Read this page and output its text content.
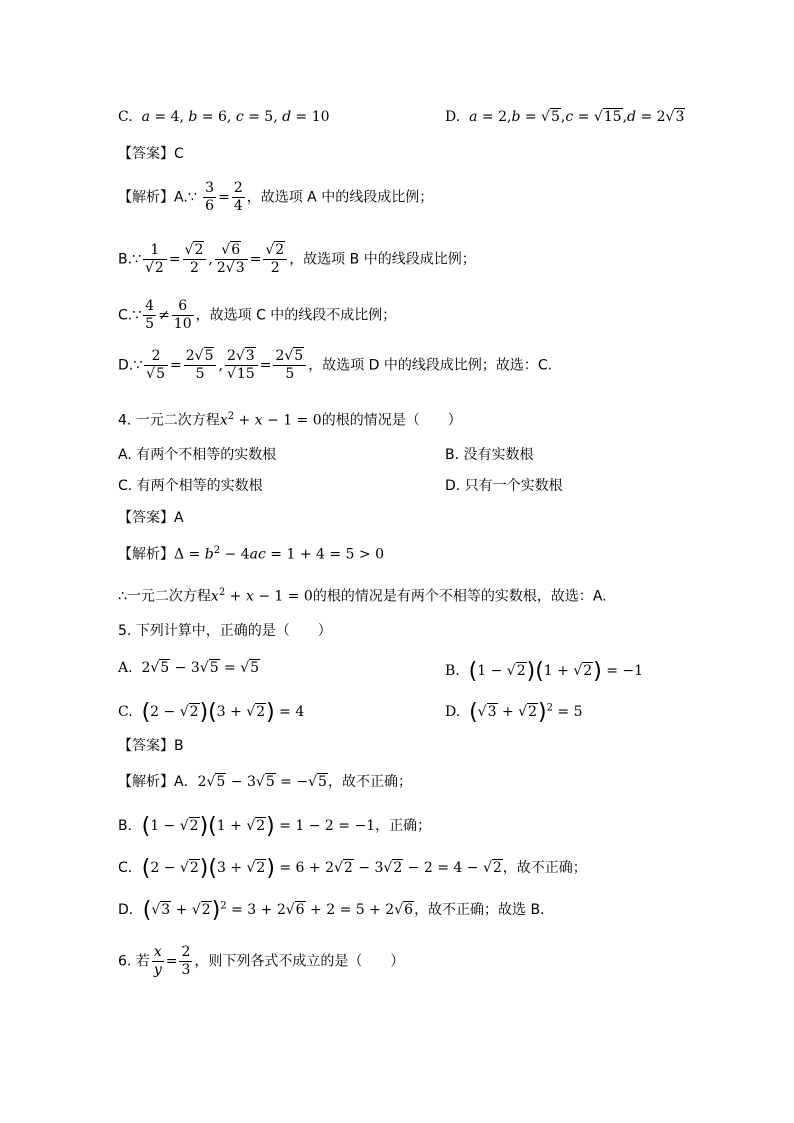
C.  a = 4, b = 6, c = 5, d = 10	D.  a = 2,b = √ 5,c = √ 15,d = 2 √ 3
【答案】C
【解析】A.∵ $\frac{3}{6} = \frac{2}{4}$ ，故选项 A 中的线段成比例；
B.∵ 1
√ 2 = √ $\frac{2}{2}$ , √ $\frac{6}{2 √ 3}$ = √ $\frac{2}{2}$ ，故选项 B 中的线段成比例；
C.∵ $\frac{4}{5} \ne \frac{6}{10}$ ，故选项 C 中的线段不成比例；
D.∵ 2
√ $5 = \frac{2 √ 5}{5}$ , 2 √ 3
√ $15 = \frac{2 √ 5}{5}$ ，故选项 D 中的线段成比例；故选：C.
4. 一元二次方程$x^2 + x - 1 = 0$的根的情况是（　　）
A. 有两个不相等的实数根	B. 没有实数根
C. 有两个相等的实数根	D. 只有一个实数根
【答案】A
【解析】$\Delta = b^2 - 4ac = 1 + 4 = 5 > 0$
∴一元二次方程$x^2 + x - 1 = 0$的根的情况是有两个不相等的实数根，故选：A.
5. 下列计算中，正确的是（　　）
A.  2 √ 5 − 3 √ 5 = √ 5	B.  (1 − √ 2)(1 + √ 2) = −1
C.  (2 − √ 2)(3 + √ 2) = 4	D.  ( √ 3 + √ 2)$^2$ = 5
【答案】B
【解析】A．2 √ 5 − 3 √ 5 = − √ 5，故不正确；
B．(1 − √ 2)(1 + √ 2) = 1 − 2 = −1，正确；
C．(2 − √ 2)(3 + √ 2) = 6 + 2 √ 2 − 3 √ 2 − 2 = 4 − √ 2，故不正确；
D．( √ 3 + √ 2)$^2$ = 3 + 2 √ 6 + 2 = 5 + 2 √ 6，故不正确；故选 B．
6. 若 $\frac{x}{y} = \frac{2}{3}$ ，则下列各式不成立的是（　　）
